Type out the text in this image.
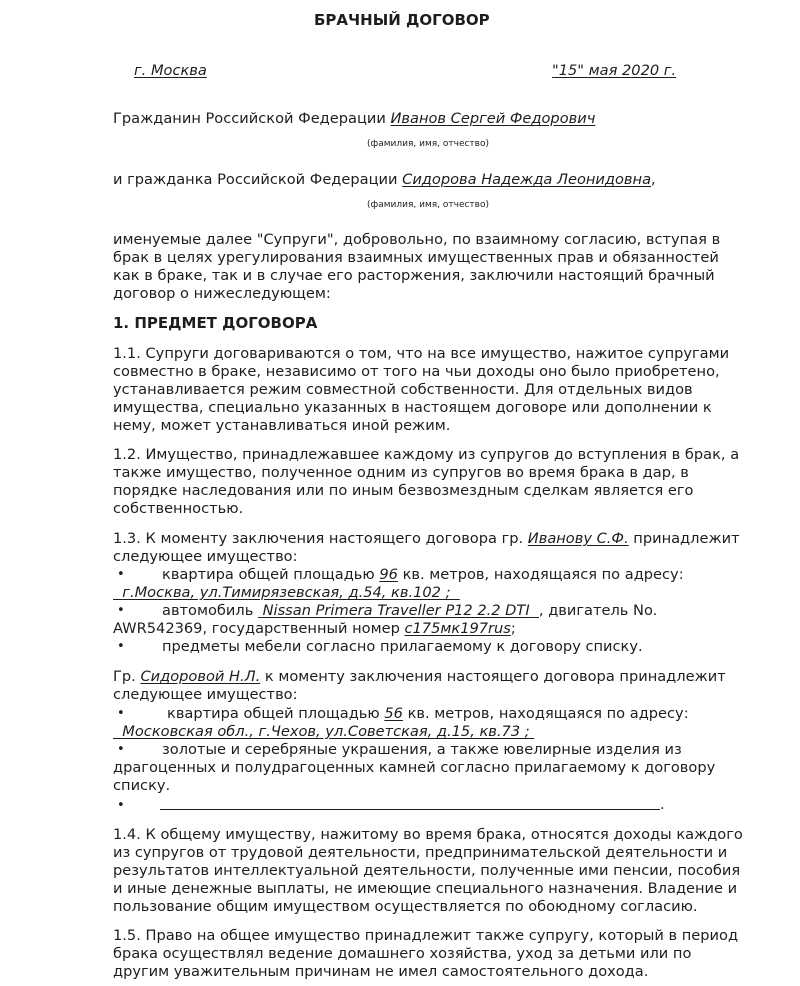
БРАЧНЫЙ ДОГОВОР
г. Москва	"15" мая 2020 г.
Гражданин Российской Федерации Иванов Сергей Федорович
(фамилия, имя, отчество)
и гражданка Российской Федерации Сидорова Надежда Леонидовна,
(фамилия, имя, отчество)
именуемые далее "Супруги", добровольно, по взаимному согласию, вступая в
брак в целях урегулирования взаимных имущественных прав и обязанностей
как в браке, так и в случае его расторжения, заключили настоящий брачный
договор о нижеследующем:
1. ПРЕДМЕТ ДОГОВОРА
1.1. Супруги договариваются о том, что на все имущество, нажитое супругами
совместно в браке, независимо от того на чьи доходы оно было приобретено,
устанавливается режим совместной собственности. Для отдельных видов
имущества, специально указанных в настоящем договоре или дополнении к
нему, может устанавливаться иной режим.
1.2. Имущество, принадлежавшее каждому из супругов до вступления в брак, а
также имущество, полученное одним из супругов во время брака в дар, в
порядке наследования или по иным безвозмездным сделкам является его
собственностью.
1.3. К моменту заключения настоящего договора гр. Иванову С.Ф. принадлежит
следующее имущество:
•	квартира общей площадью 96 кв. метров, находящаяся по адресу:
г.Москва, ул.Тимирязевская, д.54, кв.102 ;
•	автомобиль Nissan Primera Traveller P12 2.2 DTI , двигатель No.
AWR542369, государственный номер с175мк197rus;
•	предметы мебели согласно прилагаемому к договору списку.
Гр. Сидоровой Н.Л. к моменту заключения настоящего договора принадлежит
следующее имущество:
•	квартира общей площадью 56 кв. метров, находящаяся по адресу:
Московская обл., г.Чехов, ул.Советская, д.15, кв.73 ;
•	золотые и серебряные украшения, а также ювелирные изделия из
драгоценных и полудрагоценных камней согласно прилагаемому к договору
списку.
•	.
1.4. К общему имуществу, нажитому во время брака, относятся доходы каждого
из супругов от трудовой деятельности, предпринимательской деятельности и
результатов интеллектуальной деятельности, полученные ими пенсии, пособия
и иные денежные выплаты, не имеющие специального назначения. Владение и
пользование общим имуществом осуществляется по обоюдному согласию.
1.5. Право на общее имущество принадлежит также супругу, который в период
брака осуществлял ведение домашнего хозяйства, уход за детьми или по
другим уважительным причинам не имел самостоятельного дохода.
